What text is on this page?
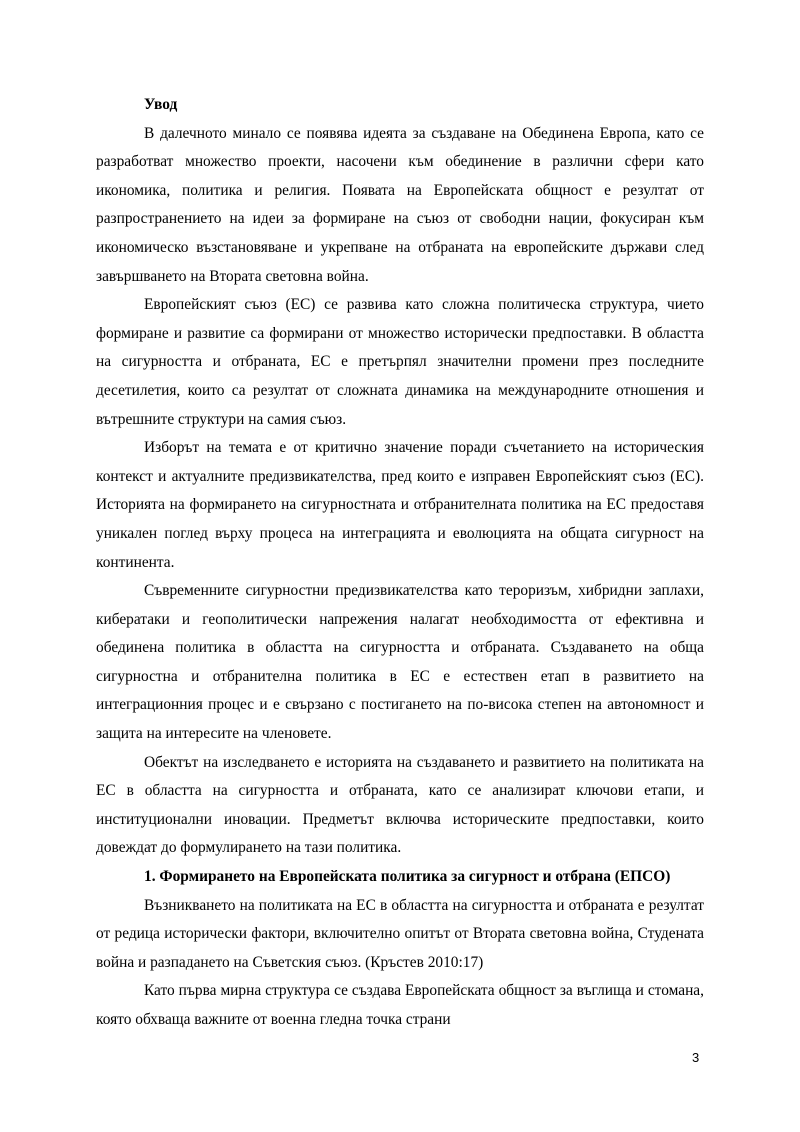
Увод

В далечното минало се появява идеята за създаване на Обединена Европа, като се разработват множество проекти, насочени към обединение в различни сфери като икономика, политика и религия. Появата на Европейската общност е резултат от разпространението на идеи за формиране на съюз от свободни нации, фокусиран към икономическо възстановяване и укрепване на отбраната на европейските държави след завършването на Втората световна война.

Европейският съюз (ЕС) се развива като сложна политическа структура, чието формиране и развитие са формирани от множество исторически предпоставки. В областта на сигурността и отбраната, ЕС е претърпял значителни промени през последните десетилетия, които са резултат от сложната динамика на международните отношения и вътрешните структури на самия съюз.

Изборът на темата е от критично значение поради съчетанието на историческия контекст и актуалните предизвикателства, пред които е изправен Европейският съюз (ЕС). Историята на формирането на сигурностната и отбранителната политика на ЕС предоставя уникален поглед върху процеса на интеграцията и еволюцията на общата сигурност на континента.

Съвременните сигурностни предизвикателства като тероризъм, хибридни заплахи, кибератаки и геополитически напрежения налагат необходимостта от ефективна и обединена политика в областта на сигурността и отбраната. Създаването на обща сигурностна и отбранителна политика в ЕС е естествен етап в развитието на интеграционния процес и е свързано с постигането на по-висока степен на автономност и защита на интересите на членовете.

Обектът на изследването е историята на създаването и развитието на политиката на ЕС в областта на сигурността и отбраната, като се анализират ключови етапи, и институционални иновации. Предметът включва историческите предпоставки, които довеждат до формулирането на тази политика.

1. Формирането на Европейската политика за сигурност и отбрана (ЕПСО)

Възникването на политиката на ЕС в областта на сигурността и отбраната е резултат от редица исторически фактори, включително опитът от Втората световна война, Студената война и разпадането на Съветския съюз. (Кръстев 2010:17)

Като първа мирна структура се създава Европейската общност за въглища и стомана, която обхваща важните от военна гледна точка страни

3
